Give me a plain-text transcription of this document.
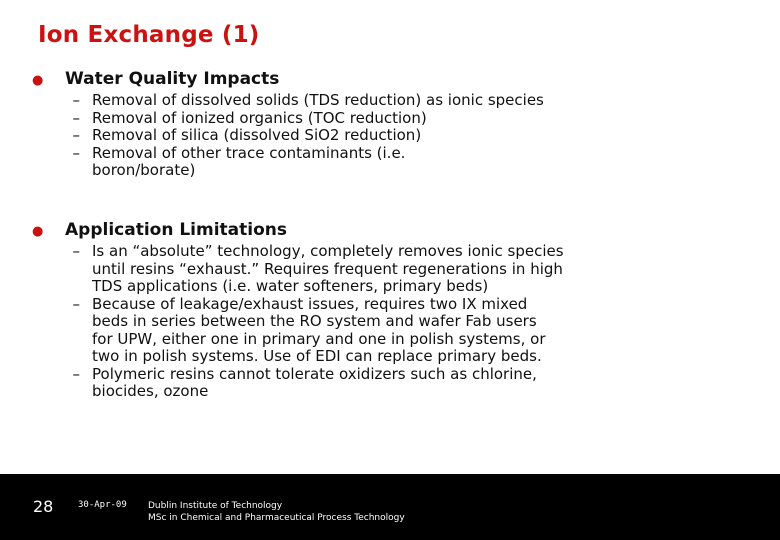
Ion Exchange (1)
●	Water Quality Impacts
– Removal of dissolved solids (TDS reduction) as ionic species
– Removal of ionized organics (TOC reduction)
– Removal of silica (dissolved SiO2 reduction)
– Removal of other trace contaminants (i.e. boron/borate)
●	Application Limitations
– Is an “absolute” technology, completely removes ionic species until resins “exhaust.” Requires frequent regenerations in high TDS applications (i.e. water softeners, primary beds)
– Because of leakage/exhaust issues, requires two IX mixed beds in series between the RO system and wafer Fab users for UPW, either one in primary and one in polish systems, or two in polish systems. Use of EDI can replace primary beds.
– Polymeric resins cannot tolerate oxidizers such as chlorine, biocides, ozone
28	30-Apr-09 Dublin Institute of Technology
MSc in Chemical and Pharmaceutical Process Technology
